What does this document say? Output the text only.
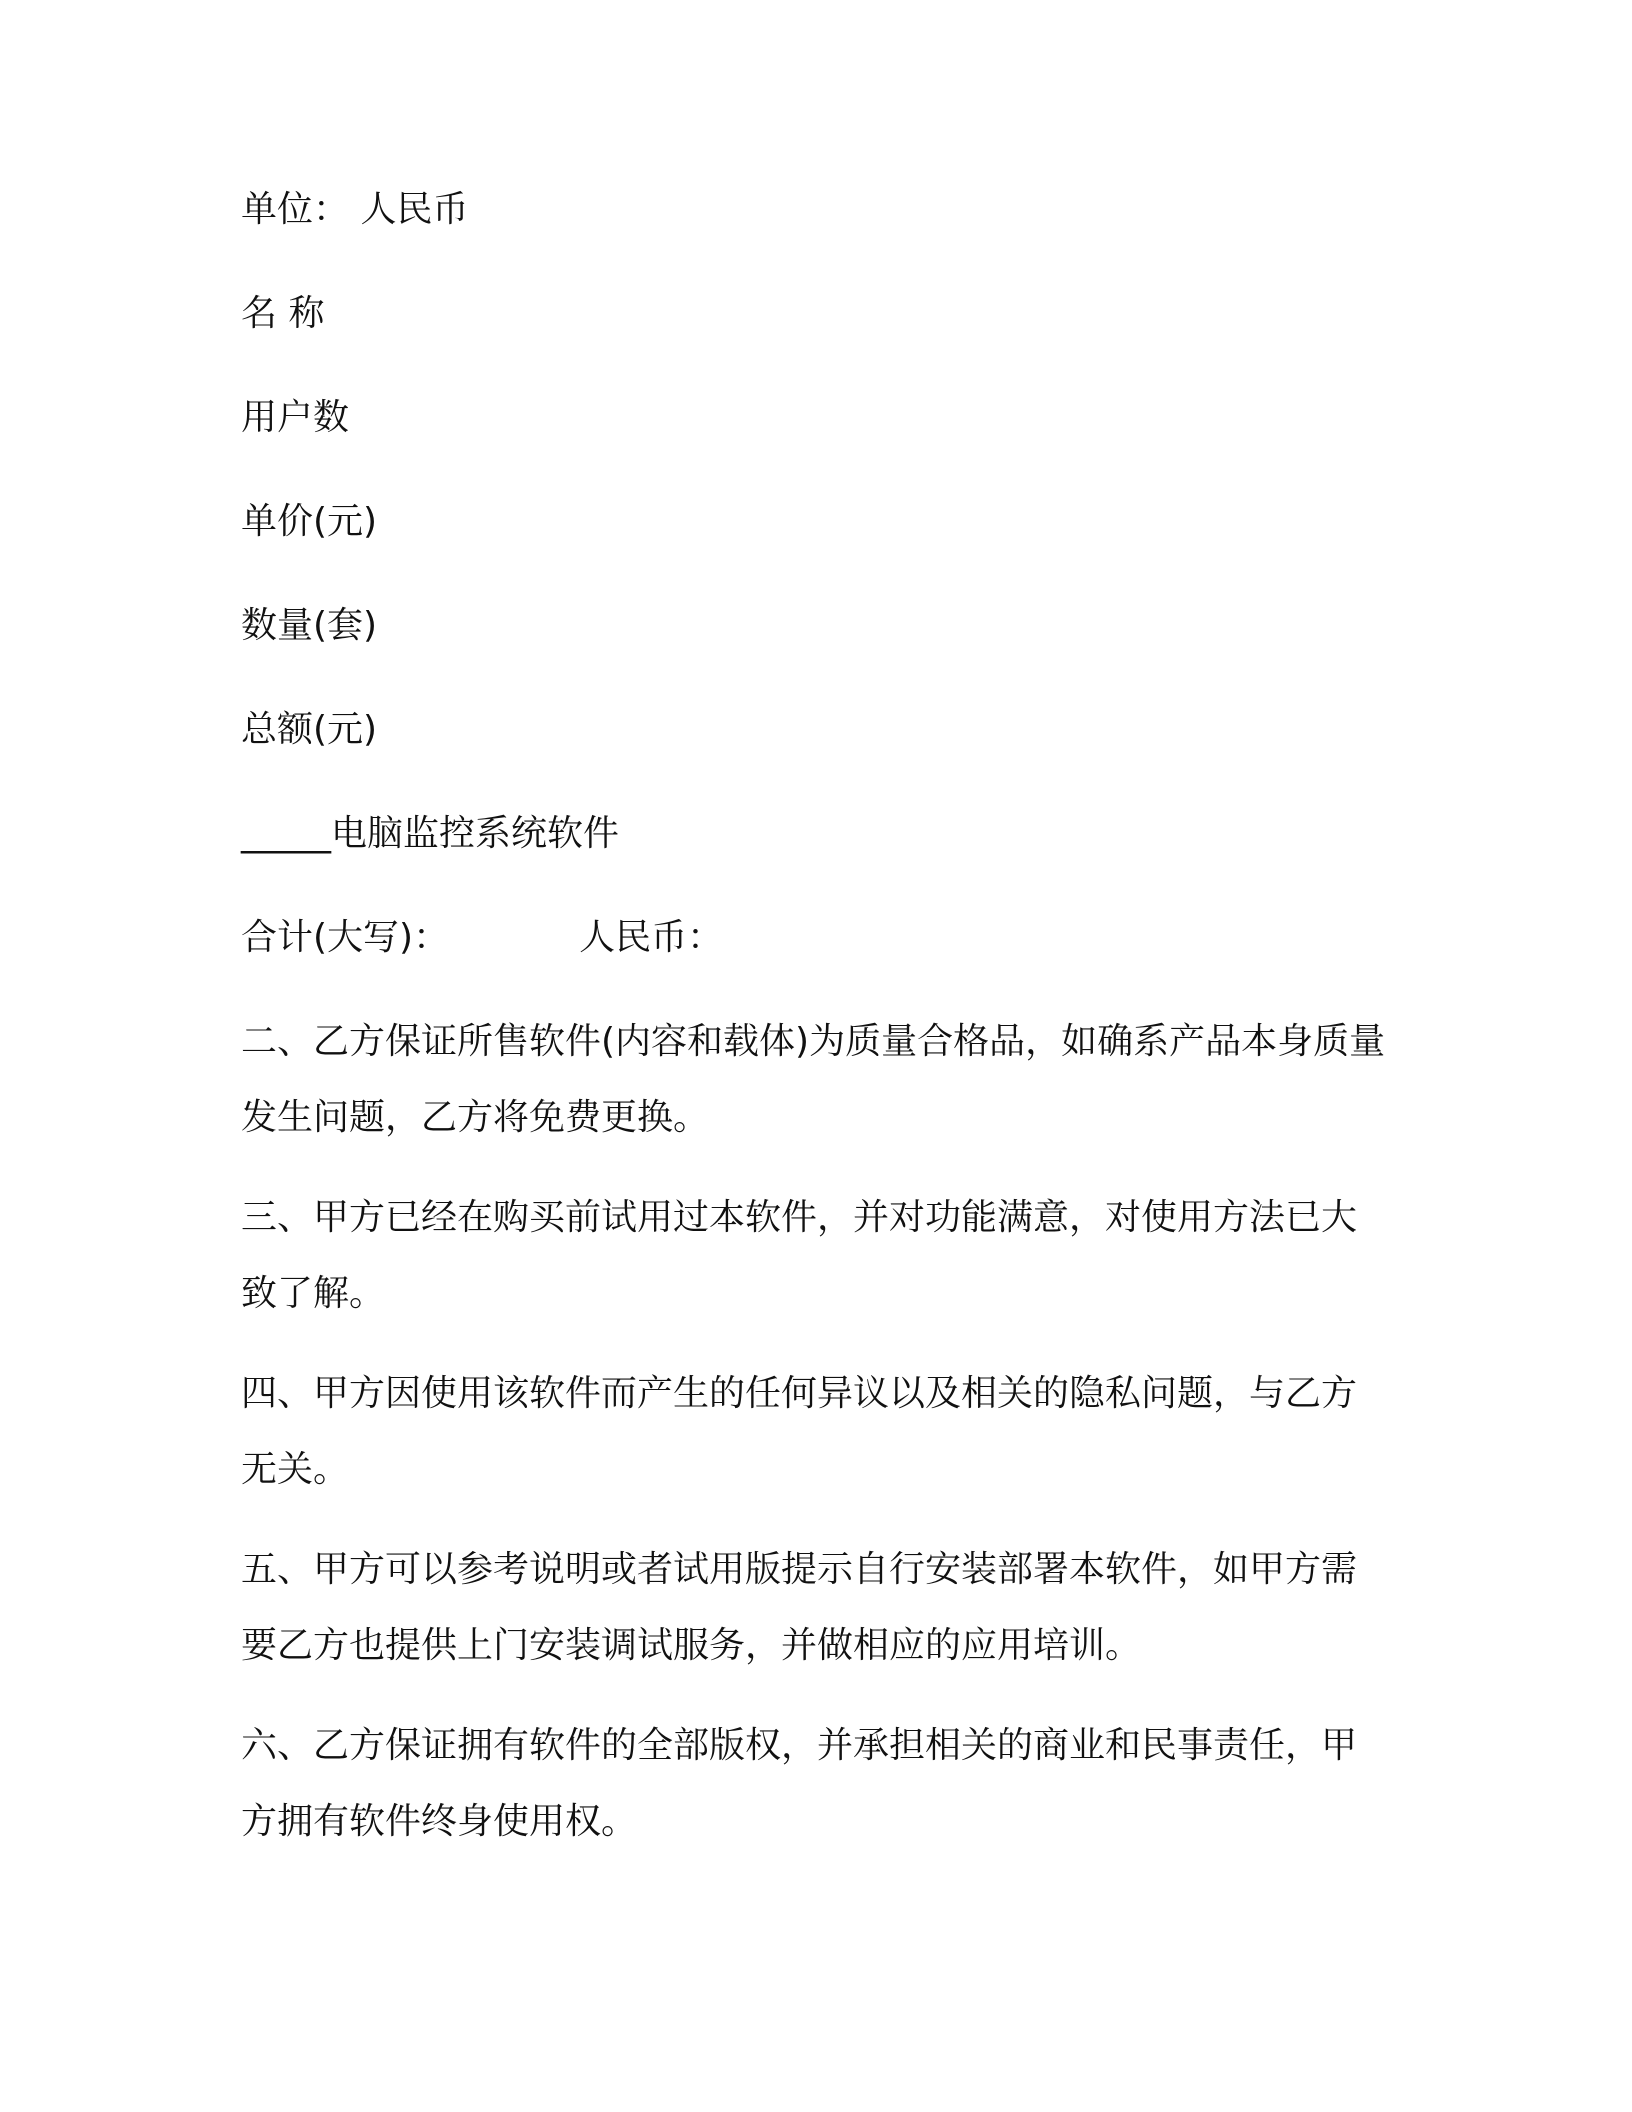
单位： 人民币
名 称
用户数
单价(元)
数量(套)
总额(元)
_____电脑监控系统软件
合计(大写)：	人民币：

二、乙方保证所售软件(内容和载体)为质量合格品，如确系产品本身质量发生问题，乙方将免费更换。

三、甲方已经在购买前试用过本软件，并对功能满意，对使用方法已大致了解。

四、甲方因使用该软件而产生的任何异议以及相关的隐私问题，与乙方无关。

五、甲方可以参考说明或者试用版提示自行安装部署本软件，如甲方需要乙方也提供上门安装调试服务，并做相应的应用培训。

六、乙方保证拥有软件的全部版权，并承担相关的商业和民事责任，甲方拥有软件终身使用权。
